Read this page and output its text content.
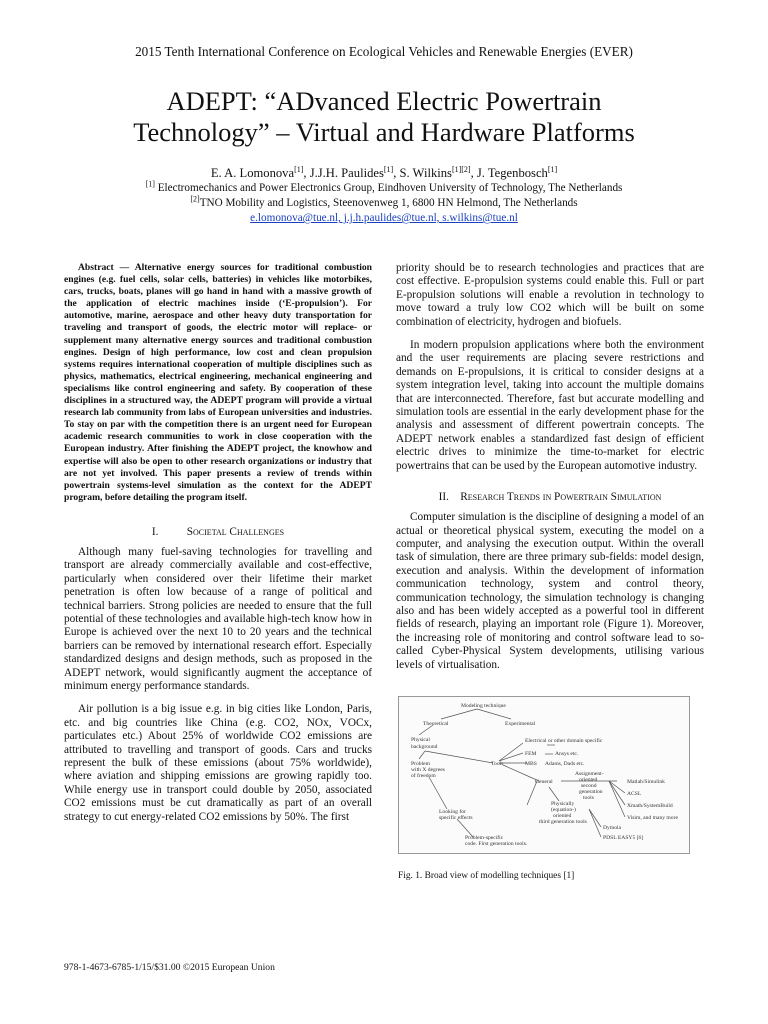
2015 Tenth International Conference on Ecological Vehicles and Renewable Energies (EVER)
ADEPT: “ADvanced Electric Powertrain
Technology” – Virtual and Hardware Platforms
E. A. Lomonova[1], J.J.H. Paulides[1], S. Wilkins[1][2], J. Tegenbosch[1]
[1] Electromechanics and Power Electronics Group, Eindhoven University of Technology, The Netherlands
[2]TNO Mobility and Logistics, Steenovenweg 1, 6800 HN Helmond, The Netherlands
e.lomonova@tue.nl, j.j.h.paulides@tue.nl, s.wilkins@tue.nl

Abstract — Alternative energy sources for traditional combustion engines (e.g. fuel cells, solar cells, batteries) in vehicles like motorbikes, cars, trucks, boats, planes will go hand in hand with a massive growth of the application of electric machines inside (‘E-propulsion’). For automotive, marine, aerospace and other heavy duty transportation for traveling and transport of goods, the electric motor will replace- or supplement many alternative energy sources and traditional combustion engines. Design of high performance, low cost and clean propulsion systems requires international cooperation of multiple disciplines such as physics, mathematics, electrical engineering, mechanical engineering and specialisms like control engineering and safety. By cooperation of these disciplines in a structured way, the ADEPT program will provide a virtual research lab community from labs of European universities and industries. To stay on par with the competition there is an urgent need for European academic research communities to work in close cooperation with the European industry. After finishing the ADEPT project, the knowhow and expertise will also be open to other research organizations or industry that are not yet involved. This paper presents a review of trends within powertrain systems-level simulation as the context for the ADEPT program, before detailing the program itself.

I.	Societal Challenges

Although many fuel-saving technologies for travelling and transport are already commercially available and cost-effective, particularly when considered over their lifetime their market penetration is often low because of a range of political and technical barriers. Strong policies are needed to ensure that the full potential of these technologies and available high-tech know how in Europe is achieved over the next 10 to 20 years and the technical barriers can be removed by international research effort. Especially standardized designs and design methods, such as proposed in the ADEPT network, would significantly augment the acceptance of minimum energy performance standards.

Air pollution is a big issue e.g. in big cities like London, Paris, etc. and big countries like China (e.g. CO2, NOx, VOCx, particulates etc.) About 25% of worldwide CO2 emissions are attributed to travelling and transport of goods. Cars and trucks represent the bulk of these emissions (about 75% worldwide), where aviation and shipping emissions are growing rapidly too. While energy use in transport could double by 2050, associated CO2 emissions must be cut dramatically as part of an overall strategy to cut energy-related CO2 emissions by 50%. The first

priority should be to research technologies and practices that are cost effective. E-propulsion systems could enable this. Full or part E-propulsion solutions will enable a revolution in technology to move toward a truly low CO2 which will be built on some combination of electricity, hydrogen and biofuels.

In modern propulsion applications where both the environment and the user requirements are placing severe restrictions and demands on E-propulsions, it is critical to consider designs at a system integration level, taking into account the multiple domains that are interconnected. Therefore, fast but accurate modelling and simulation tools are essential in the early development phase for the analysis and assessment of different powertrain concepts. The ADEPT network enables a standardized fast design of efficient electric drives to minimize the time-to-market for electric powertrains that can be used by the European automotive industry.

II. Research Trends in Powertrain Simulation

Computer simulation is the discipline of designing a model of an actual or theoretical physical system, executing the model on a computer, and analysing the execution output. Within the overall task of simulation, there are three primary sub-fields: model design, execution and analysis. Within the development of information communication technology, system and control theory, communication technology, the simulation technology is changing also and has been widely accepted as a powerful tool in different fields of research, playing an important role (Figure 1). Moreover, the increasing role of monitoring and control software lead to so-called Cyber-Physical System developments, utilising various levels of virtualisation.

Modeling technique
Theoretical	Experimental
Physical
background
Tools
Electrical or other domain specific
FEM	Ansys etc.
MBS Adams, Dads etc.
Problem
with X degrees
of freedom
General
Assignment-
oriented
second
generation
tools
Matlab/Simulink
ACSL
Xmath/SystemBuild
Visim, and many more
Looking for
specific effects
Physically
(equation-)
oriented
third generation tools
Problem-specific
code. First generation tools.
Dymola
PDSL EASY5 [6]
Fig. 1. Broad view of modelling techniques [1]
978-1-4673-6785-1/15/$31.00 ©2015 European Union
